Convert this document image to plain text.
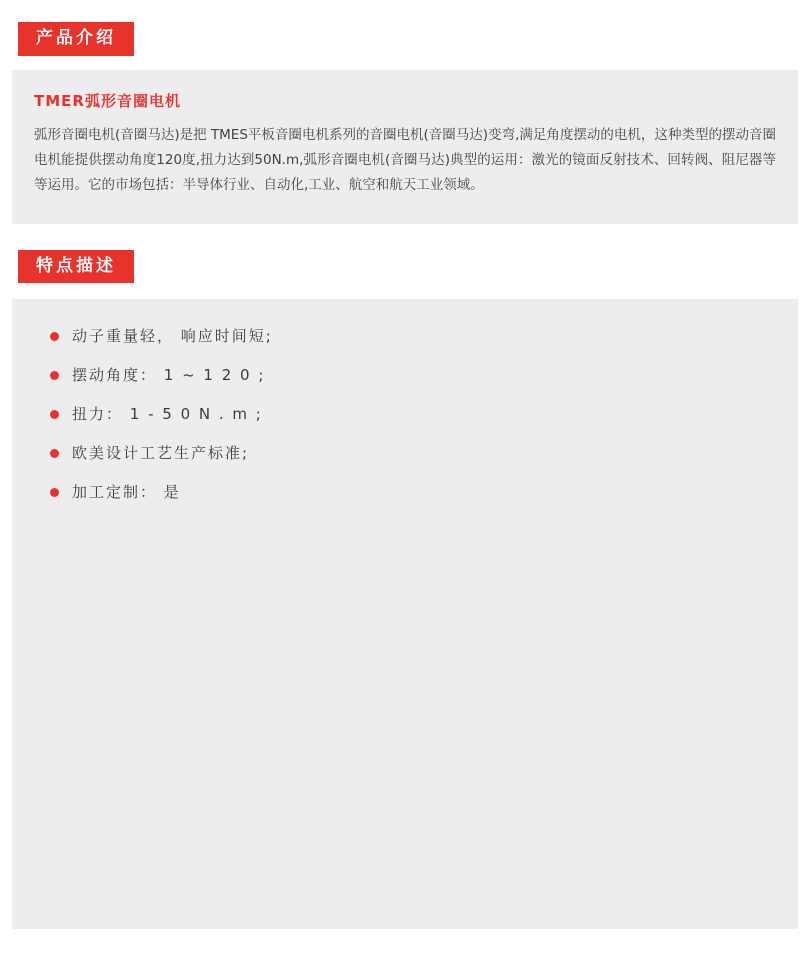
产品介绍
TMER弧形音圈电机

弧形音圈电机(音圈马达)是把 TMES平板音圈电机系列的音圈电机(音圈马达)变弯,满足角度摆动的电机，这种类型的摆动音圈电机能提供摆动角度120度,扭力达到50N.m,弧形音圈电机(音圈马达)典型的运用：激光的镜面反射技术、回转阀、阻尼器等等运用。它的市场包括：半导体行业、自动化,工业、航空和航天工业领域。

特点描述
动子重量轻， 响应时间短;
摆动角度： 1 ~ 1 2 0 ;
扭力： 1 - 5 0 N . m ;
欧美设计工艺生产标准;
加工定制： 是
